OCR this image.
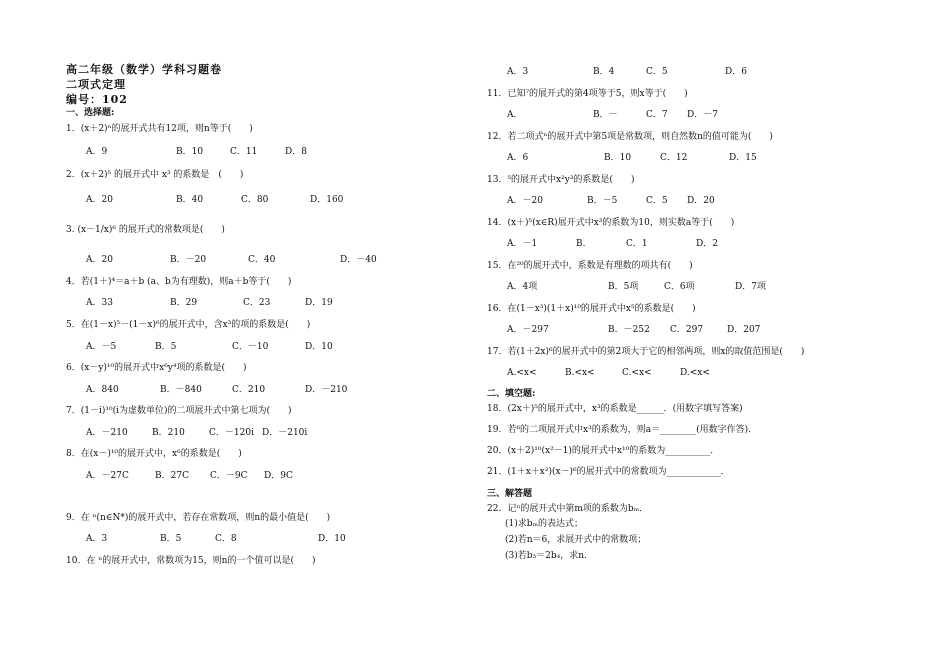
高二年级（数学）学科习题卷
二项式定理
编号：102
一、选择题:
1．(x＋2)ⁿ的展开式共有12项，则n等于(　　)
A．9	B．10	C．11	D．8
2．(x＋2)⁵ 的展开式中 x³ 的系数是　(　　)
A．20	B．40	C．80	D．160
3. (x－1/x)⁶ 的展开式的常数项是(　　)
A．20	B．－20	C．40	D．－40
4．若(1＋)⁴＝a＋b (a、b为有理数)，则a＋b等于(　　)
A．33	B．29	C．23	D．19
5．在(1－x)⁵－(1－x)⁶的展开式中，含x³的项的系数是(　　)
A．－5	B．5	C．－10	D．10
6．(x－y)¹⁰的展开式中x⁶y⁴项的系数是(　　)
A．840	B．－840	C．210	D．－210
7．(1－i)¹⁰(i为虚数单位)的二项展开式中第七项为(　　)
A．－210	B．210	C．－120i D．－210i
8．在(x－)¹⁰的展开式中，x⁶的系数是(　　)
A．－27C	B．27C C．－9C D．9C
9．在 ⁿ(n∈N*)的展开式中，若存在常数项，则n的最小值是(　　)
A．3	B．5	C．8	D．10
10．在 ⁿ的展开式中，常数项为15，则n的一个值可以是(　　)
A．3	B．4	C．5	D．6
11．已知⁷的展开式的第4项等于5，则x等于(　　)
A．	B．－	C．7 D．－7
12．若二项式ⁿ的展开式中第5项是常数项，则自然数n的值可能为(　　)
A．6	B．10	C．12	D．15
13．⁵的展开式中x²y³的系数是(　　)
A．－20	B．－5	C．5 D．20
14．(x＋)⁵(x∈R)展开式中x³的系数为10，则实数a等于(　　)
A．－1	B．	C．1	D．2
15．在²⁰的展开式中，系数是有理数的项共有(　　)
A．4项	B．5项	C．6项	D．7项
16．在(1－x³)(1＋x)¹⁰的展开式中x⁵的系数是(　　)
A．－297	B．－252 C．297	D．207
17．若(1＋2x)⁶的展开式中的第2项大于它的相邻两项，则x的取值范围是(　　)
A.<x<	B.<x<	C.<x<	D.<x<
二、填空题:
18．(2x＋)⁵的展开式中，x³的系数是______．(用数字填写答案)
19．若⁶的二项展开式中x³的系数为，则a＝________(用数字作答)．
20．(x＋2)¹⁰(x²－1)的展开式中x¹⁰的系数为__________．
21．(1＋x＋x²)(x－)⁶的展开式中的常数项为____________．
三、解答题
22．记ⁿ的展开式中第m项的系数为bₘ．
(1)求bₘ的表达式；
(2)若n＝6，求展开式中的常数项；
(3)若b₃＝2b₄，求n.
